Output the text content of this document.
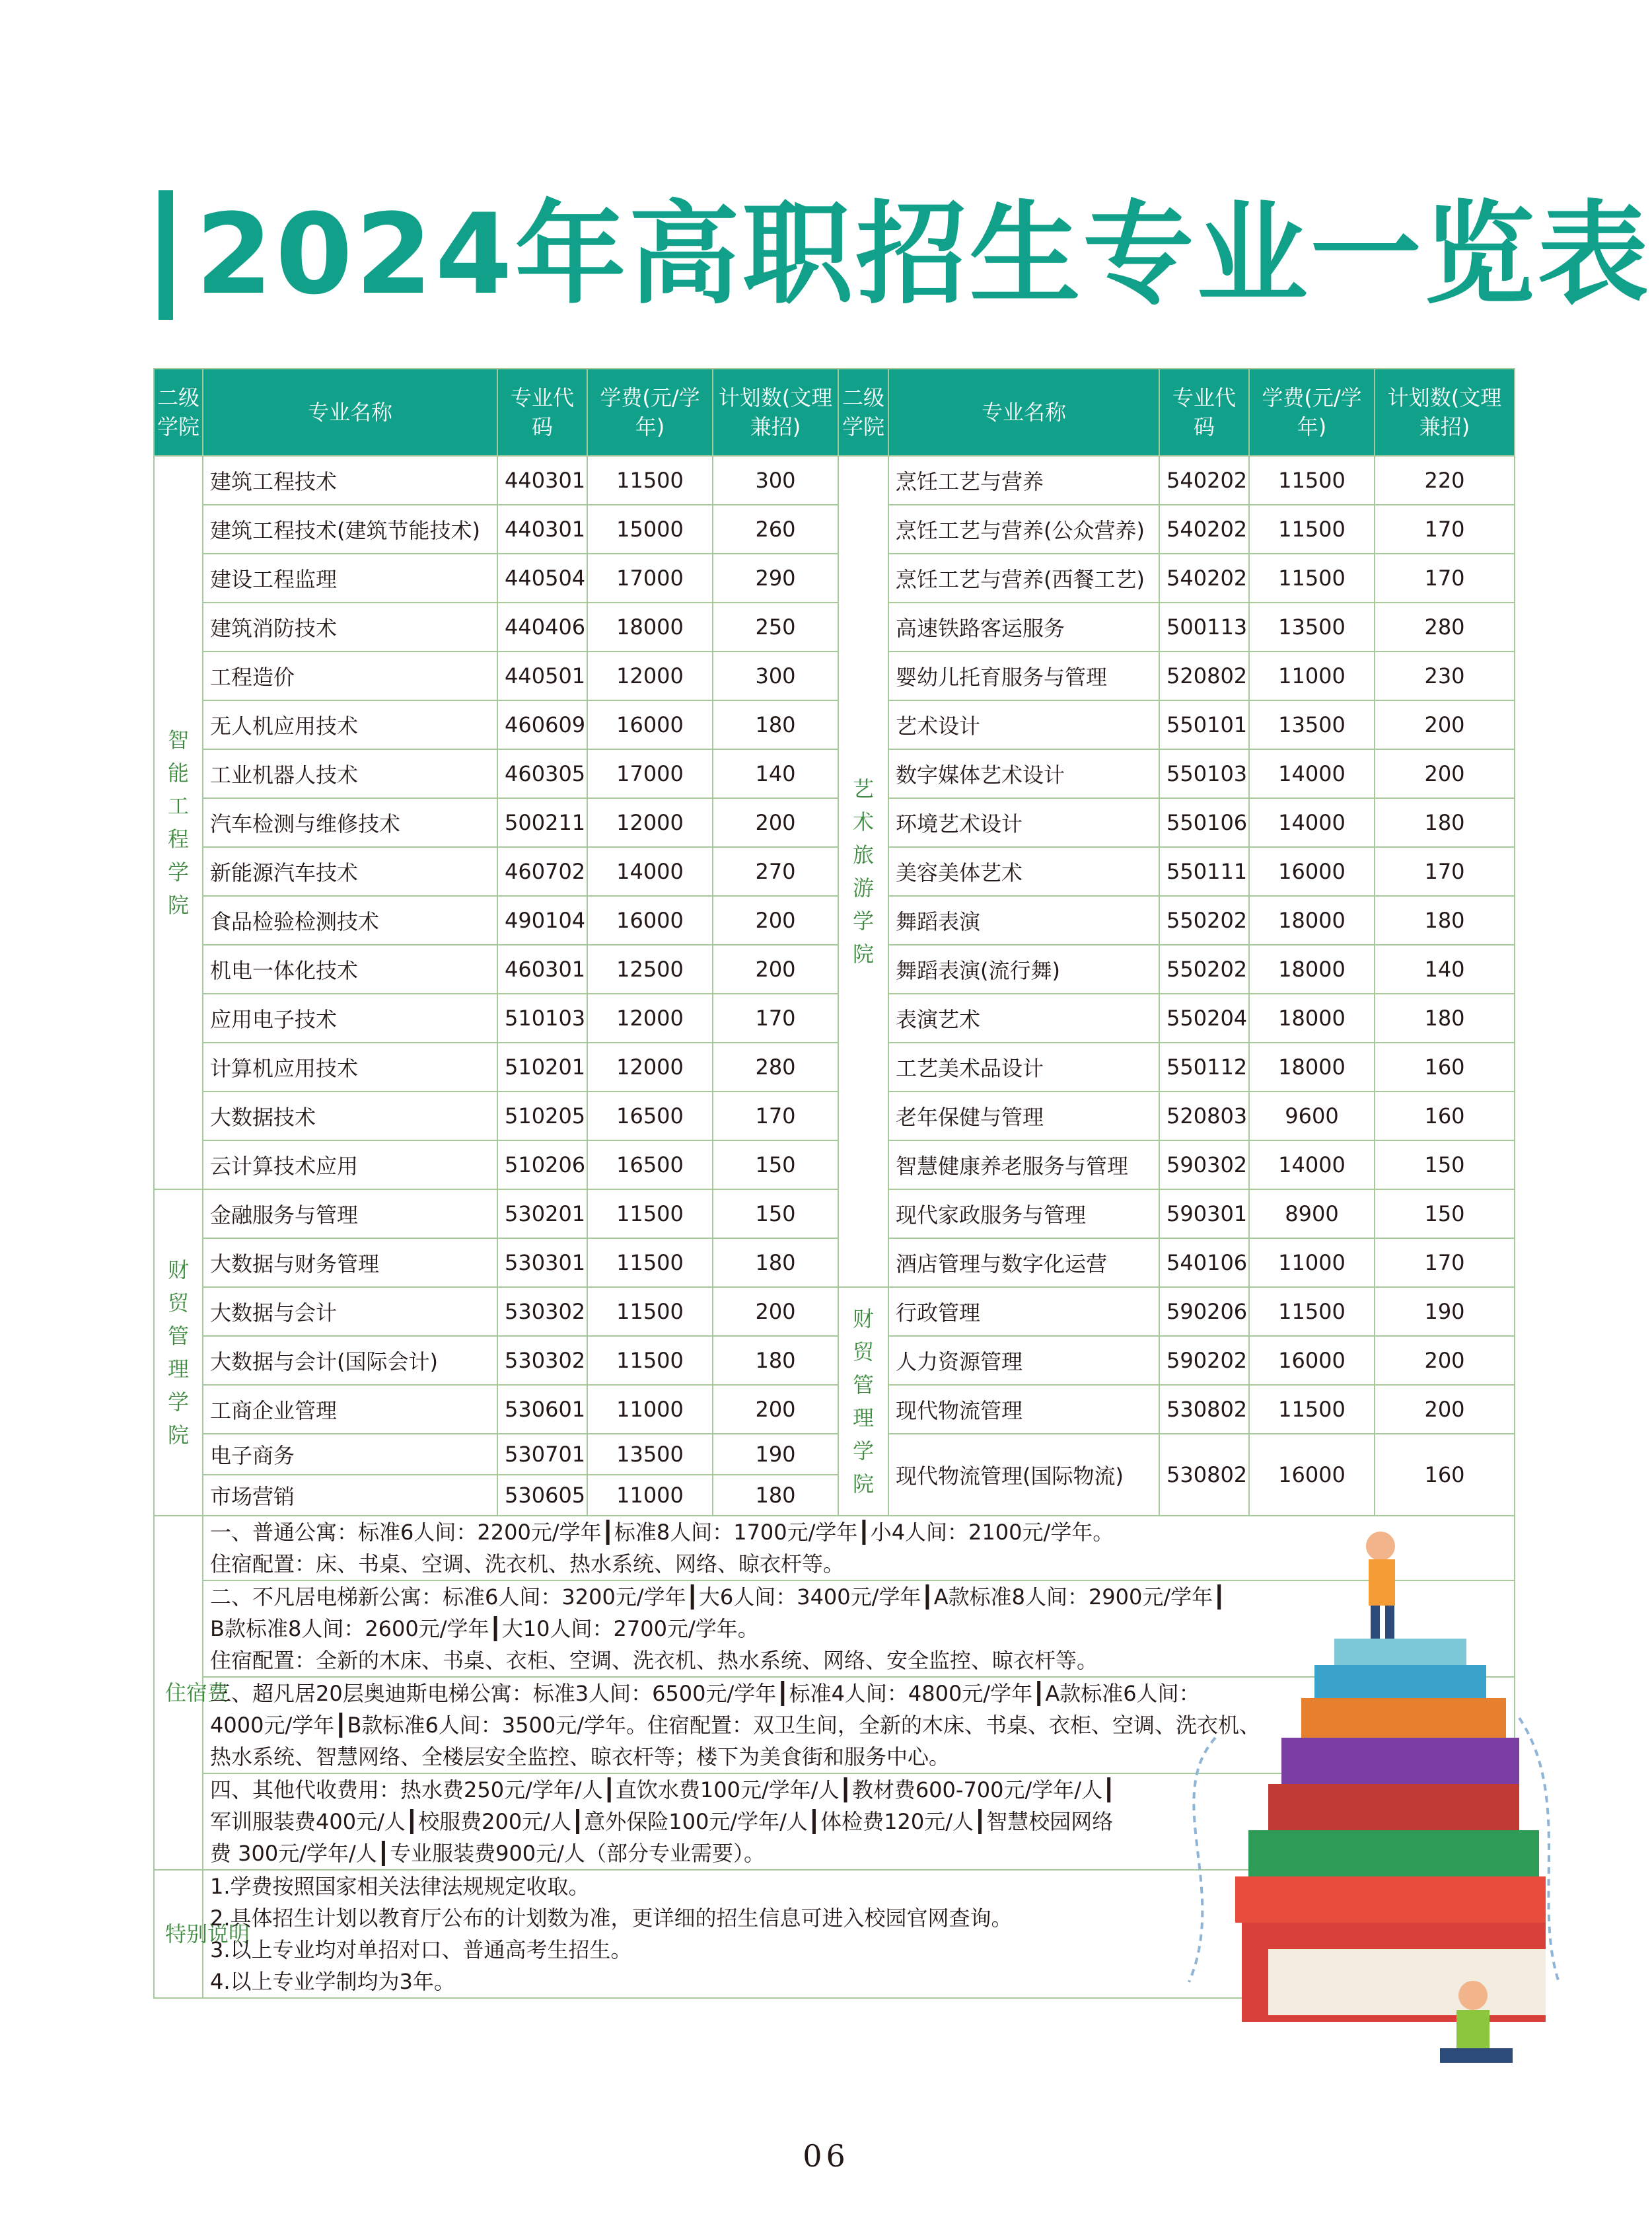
2024年高职招生专业一览表
二级学院	专业名称	专业代码	学费(元/学年)	计划数(文理兼招)	二级学院	专业名称	专业代码	学费(元/学年)	计划数(文理兼招)
智能工程学院	建筑工程技术	440301	11500	300	艺术旅游学院	烹饪工艺与营养	540202	11500	220
	建筑工程技术(建筑节能技术)	440301	15000	260		烹饪工艺与营养(公众营养)	540202	11500	170
	建设工程监理	440504	17000	290		烹饪工艺与营养(西餐工艺)	540202	11500	170
	建筑消防技术	440406	18000	250		高速铁路客运服务	500113	13500	280
	工程造价	440501	12000	300		婴幼儿托育服务与管理	520802	11000	230
	无人机应用技术	460609	16000	180		艺术设计	550101	13500	200
	工业机器人技术	460305	17000	140		数字媒体艺术设计	550103	14000	200
	汽车检测与维修技术	500211	12000	200		环境艺术设计	550106	14000	180
	新能源汽车技术	460702	14000	270		美容美体艺术	550111	16000	170
	食品检验检测技术	490104	16000	200		舞蹈表演	550202	18000	180
	机电一体化技术	460301	12500	200		舞蹈表演(流行舞)	550202	18000	140
	应用电子技术	510103	12000	170		表演艺术	550204	18000	180
	计算机应用技术	510201	12000	280		工艺美术品设计	550112	18000	160
	大数据技术	510205	16500	170		老年保健与管理	520803	9600	160
	云计算技术应用	510206	16500	150		智慧健康养老服务与管理	590302	14000	150
财贸管理学院	金融服务与管理	530201	11500	150		现代家政服务与管理	590301	8900	150
	大数据与财务管理	530301	11500	180		酒店管理与数字化运营	540106	11000	170
	大数据与会计	530302	11500	200	财贸管理学院	行政管理	590206	11500	190
	大数据与会计(国际会计)	530302	11500	180		人力资源管理	590202	16000	200
	工商企业管理	530601	11000	200		现代物流管理	530802	11500	200
	电子商务	530701	13500	190		现代物流管理(国际物流)	530802	16000	160
	市场营销	530605	11000	180					
住宿费	一、普通公寓：标准6人间：2200元/学年┃标准8人间：1700元/学年┃小4人间：2100元/学年。
住宿配置：床、书桌、空调、洗衣机、热水系统、网络、晾衣杆等。								

	二、不凡居电梯新公寓：标准6人间：3200元/学年┃大6人间：3400元/学年┃A款标准8人间：2900元/学年┃
B款标准8人间：2600元/学年┃大10人间：2700元/学年。
住宿配置：全新的木床、书桌、衣柜、空调、洗衣机、热水系统、网络、安全监控、晾衣杆等。								

	三、超凡居20层奥迪斯电梯公寓：标准3人间：6500元/学年┃标准4人间：4800元/学年┃A款标准6人间：
4000元/学年┃B款标准6人间：3500元/学年。住宿配置：双卫生间，全新的木床、书桌、衣柜、空调、洗衣机、
热水系统、智慧网络、全楼层安全监控、晾衣杆等；楼下为美食街和服务中心。								

	四、其他代收费用：热水费250元/学年/人┃直饮水费100元/学年/人┃教材费600-700元/学年/人┃
军训服装费400元/人┃校服费200元/人┃意外保险100元/学年/人┃体检费120元/人┃智慧校园网络
费 300元/学年/人┃专业服装费900元/人（部分专业需要）。								

特别说明	1.学费按照国家相关法律法规规定收取。
2.具体招生计划以教育厅公布的计划数为准，更详细的招生信息可进入校园官网查询。
3.以上专业均对单招对口、普通高考生招生。
4.以上专业学制均为3年。								
06
